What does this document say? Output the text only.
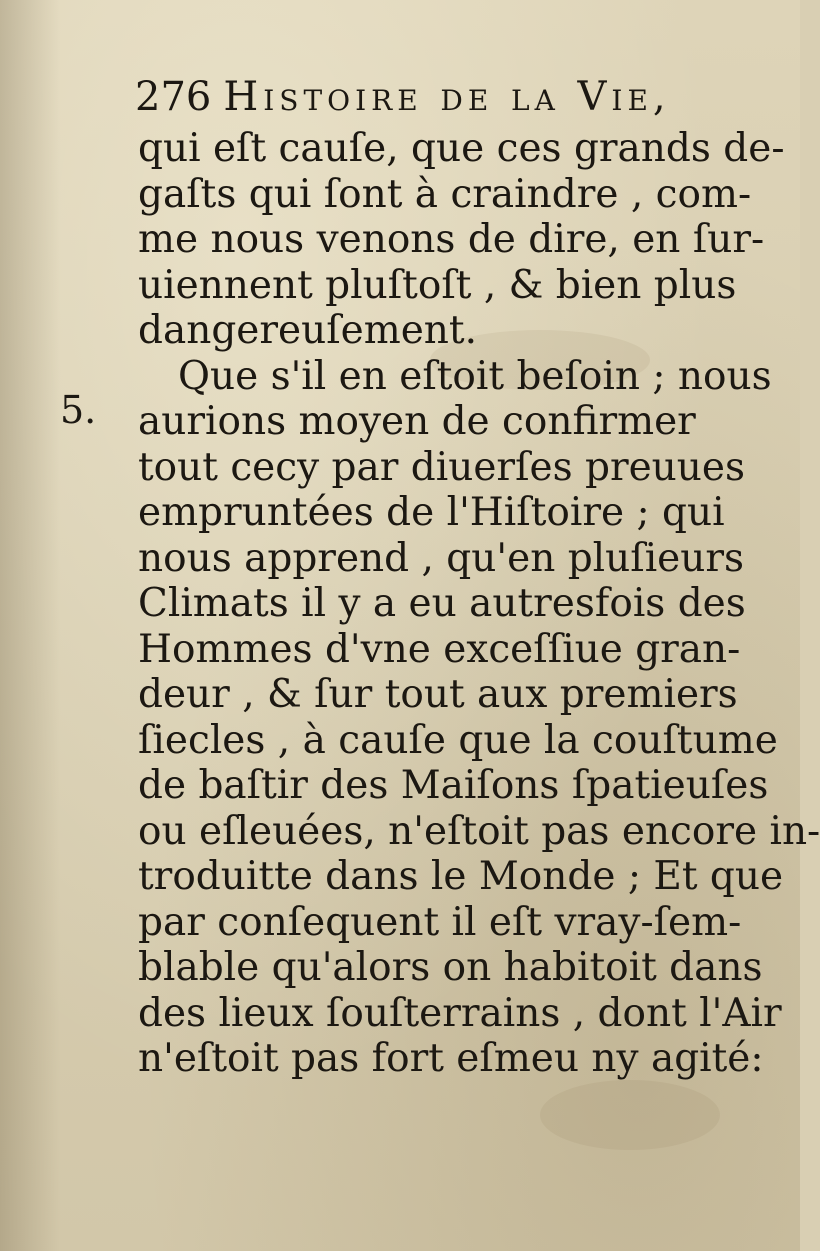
276 Histoire de la Vie,
5.
qui eſt cauſe, que ces grands de-
gaſts qui ſont à craindre , com-
me nous venons de dire, en ſur-
uiennent pluſtoſt , & bien plus
dangereuſement.
Que s'il en eſtoit beſoin ; nous
aurions moyen de confirmer
tout cecy par diuerſes preuues
empruntées de l'Hiſtoire ; qui
nous apprend , qu'en pluſieurs
Climats il y a eu autresfois des
Hommes d'vne exceſſiue gran-
deur , & ſur tout aux premiers
ſiecles , à cauſe que la couſtume
de baſtir des Maiſons ſpatieuſes
ou eſleuées, n'eſtoit pas encore in-
troduitte dans le Monde ; Et que
par conſequent il eſt vray-ſem-
blable qu'alors on habitoit dans
des lieux ſouſterrains , dont l'Air
n'eſtoit pas fort eſmeu ny agité:
